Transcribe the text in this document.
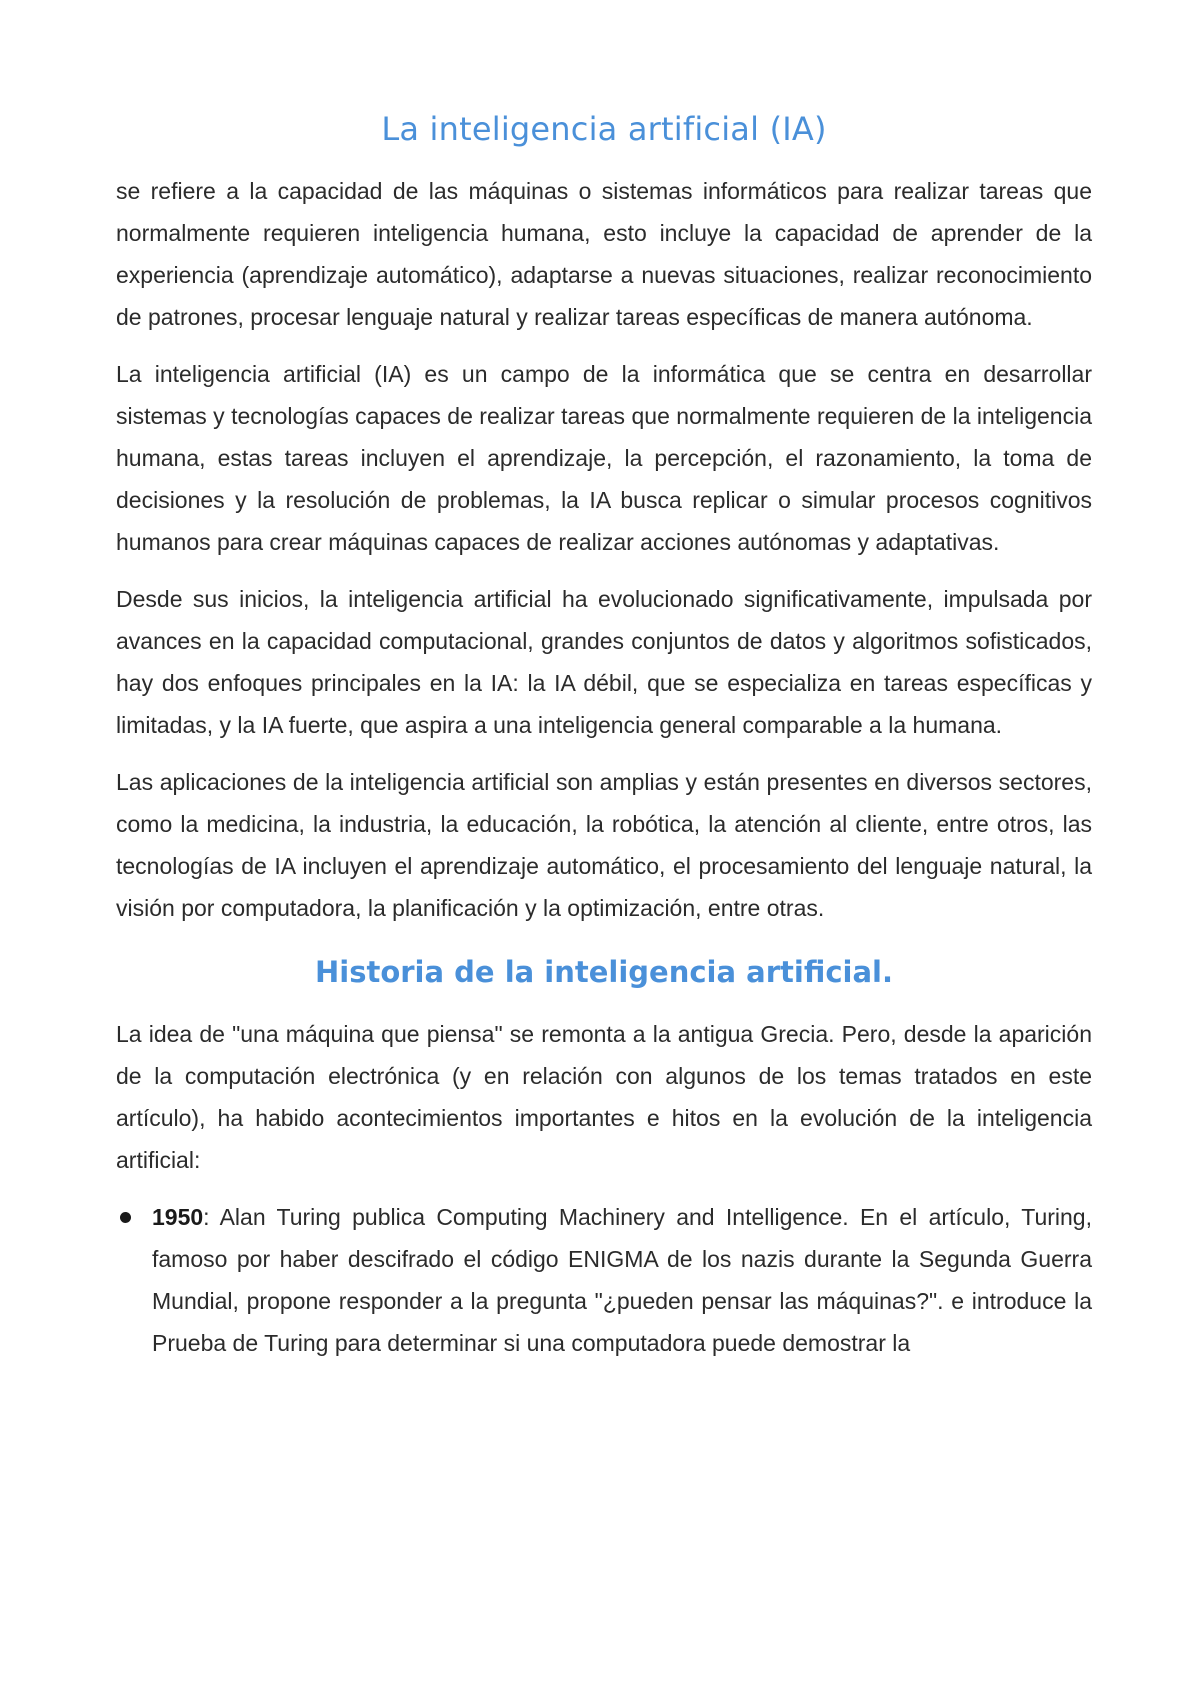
La inteligencia artificial (IA)

se refiere a la capacidad de las máquinas o sistemas informáticos para realizar tareas que normalmente requieren inteligencia humana, esto incluye la capacidad de aprender de la experiencia (aprendizaje automático), adaptarse a nuevas situaciones, realizar reconocimiento de patrones, procesar lenguaje natural y realizar tareas específicas de manera autónoma.

La inteligencia artificial (IA) es un campo de la informática que se centra en desarrollar sistemas y tecnologías capaces de realizar tareas que normalmente requieren de la inteligencia humana, estas tareas incluyen el aprendizaje, la percepción, el razonamiento, la toma de decisiones y la resolución de problemas, la IA busca replicar o simular procesos cognitivos humanos para crear máquinas capaces de realizar acciones autónomas y adaptativas.

Desde sus inicios, la inteligencia artificial ha evolucionado significativamente, impulsada por avances en la capacidad computacional, grandes conjuntos de datos y algoritmos sofisticados, hay dos enfoques principales en la IA: la IA débil, que se especializa en tareas específicas y limitadas, y la IA fuerte, que aspira a una inteligencia general comparable a la humana.

Las aplicaciones de la inteligencia artificial son amplias y están presentes en diversos sectores, como la medicina, la industria, la educación, la robótica, la atención al cliente, entre otros, las tecnologías de IA incluyen el aprendizaje automático, el procesamiento del lenguaje natural, la visión por computadora, la planificación y la optimización, entre otras.

Historia de la inteligencia artificial.

La idea de "una máquina que piensa" se remonta a la antigua Grecia. Pero, desde la aparición de la computación electrónica (y en relación con algunos de los temas tratados en este artículo), ha habido acontecimientos importantes e hitos en la evolución de la inteligencia artificial:

1950: Alan Turing publica Computing Machinery and Intelligence. En el artículo, Turing, famoso por haber descifrado el código ENIGMA de los nazis durante la Segunda Guerra Mundial, propone responder a la pregunta "¿pueden pensar las máquinas?". e introduce la Prueba de Turing para determinar si una computadora puede demostrar la
